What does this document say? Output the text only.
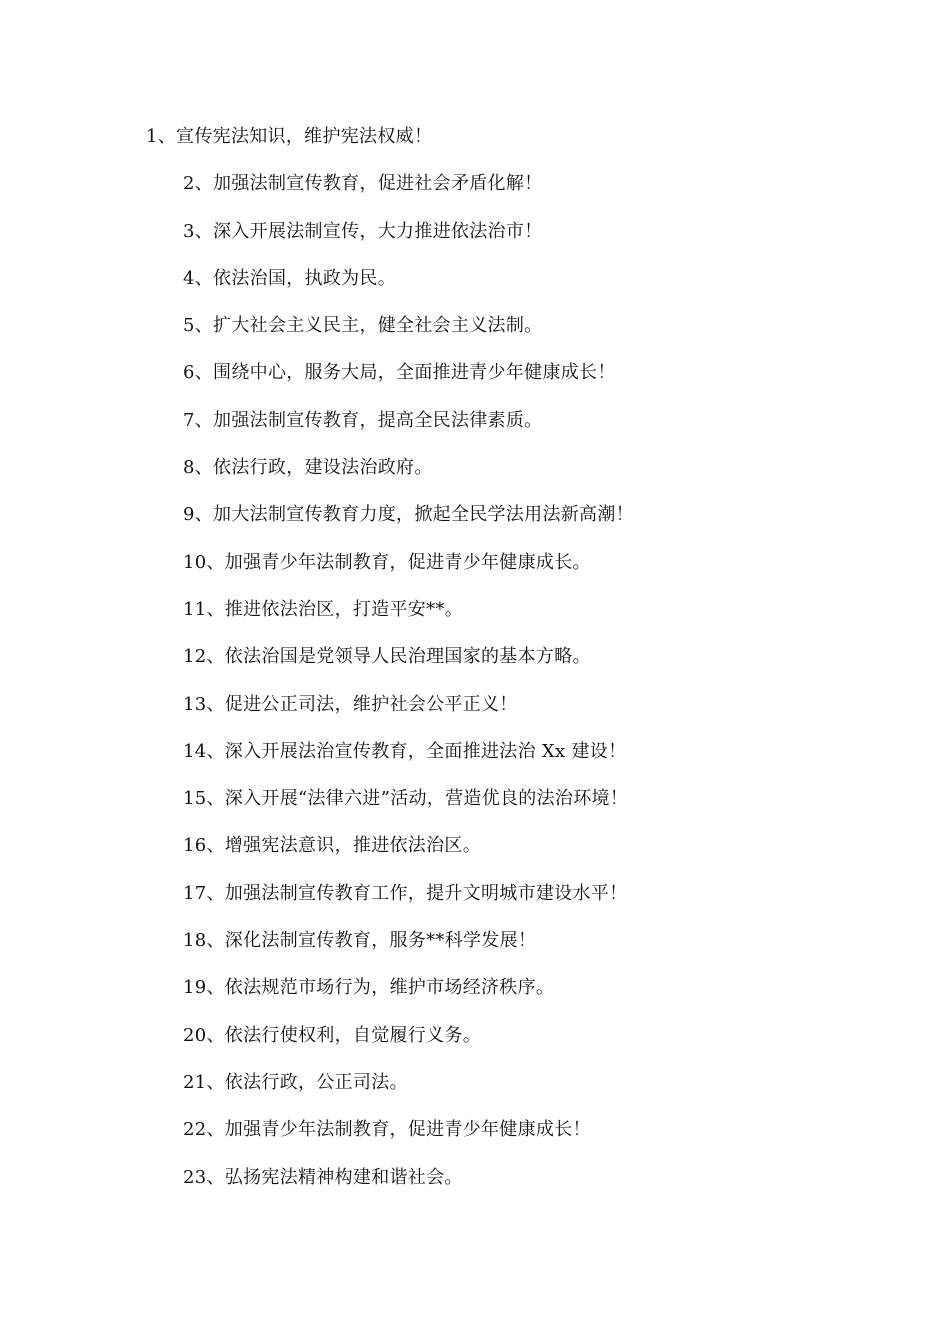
1、宣传宪法知识，维护宪法权威！
2、加强法制宣传教育，促进社会矛盾化解！
3、深入开展法制宣传，大力推进依法治市！
4、依法治国，执政为民。
5、扩大社会主义民主，健全社会主义法制。
6、围绕中心，服务大局，全面推进青少年健康成长！
7、加强法制宣传教育，提高全民法律素质。
8、依法行政，建设法治政府。
9、加大法制宣传教育力度，掀起全民学法用法新高潮！
10、加强青少年法制教育，促进青少年健康成长。
11、推进依法治区，打造平安**。
12、依法治国是党领导人民治理国家的基本方略。
13、促进公正司法，维护社会公平正义！
14、深入开展法治宣传教育，全面推进法治 Xx 建设！
15、深入开展“法律六进”活动，营造优良的法治环境！
16、增强宪法意识，推进依法治区。
17、加强法制宣传教育工作，提升文明城市建设水平！
18、深化法制宣传教育，服务**科学发展！
19、依法规范市场行为，维护市场经济秩序。
20、依法行使权利，自觉履行义务。
21、依法行政，公正司法。
22、加强青少年法制教育，促进青少年健康成长！
23、弘扬宪法精神构建和谐社会。
